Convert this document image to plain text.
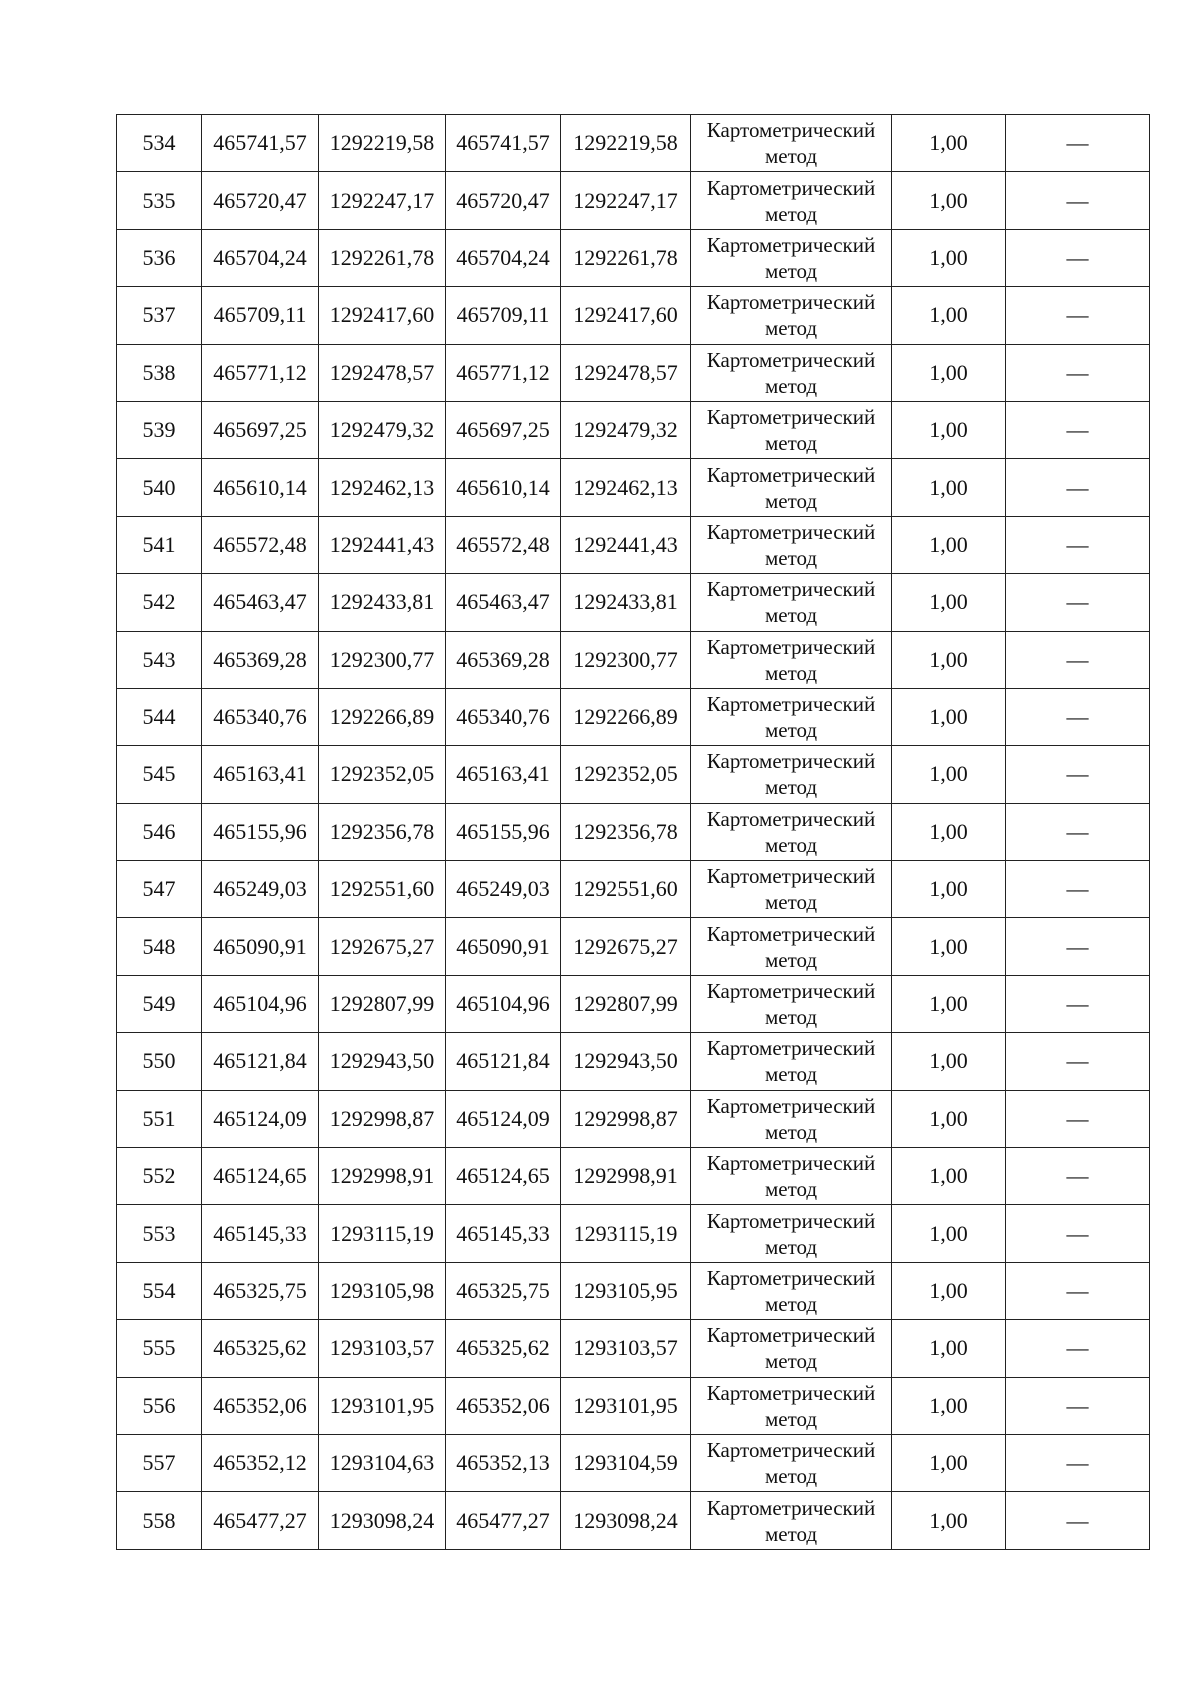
534	465741,57	1292219,58	465741,57	1292219,58	Картометрический
метод	1,00	—
535	465720,47	1292247,17	465720,47	1292247,17	Картометрический
метод	1,00	—
536	465704,24	1292261,78	465704,24	1292261,78	Картометрический
метод	1,00	—
537	465709,11	1292417,60	465709,11	1292417,60	Картометрический
метод	1,00	—
538	465771,12	1292478,57	465771,12	1292478,57	Картометрический
метод	1,00	—
539	465697,25	1292479,32	465697,25	1292479,32	Картометрический
метод	1,00	—
540	465610,14	1292462,13	465610,14	1292462,13	Картометрический
метод	1,00	—
541	465572,48	1292441,43	465572,48	1292441,43	Картометрический
метод	1,00	—
542	465463,47	1292433,81	465463,47	1292433,81	Картометрический
метод	1,00	—
543	465369,28	1292300,77	465369,28	1292300,77	Картометрический
метод	1,00	—
544	465340,76	1292266,89	465340,76	1292266,89	Картометрический
метод	1,00	—
545	465163,41	1292352,05	465163,41	1292352,05	Картометрический
метод	1,00	—
546	465155,96	1292356,78	465155,96	1292356,78	Картометрический
метод	1,00	—
547	465249,03	1292551,60	465249,03	1292551,60	Картометрический
метод	1,00	—
548	465090,91	1292675,27	465090,91	1292675,27	Картометрический
метод	1,00	—
549	465104,96	1292807,99	465104,96	1292807,99	Картометрический
метод	1,00	—
550	465121,84	1292943,50	465121,84	1292943,50	Картометрический
метод	1,00	—
551	465124,09	1292998,87	465124,09	1292998,87	Картометрический
метод	1,00	—
552	465124,65	1292998,91	465124,65	1292998,91	Картометрический
метод	1,00	—
553	465145,33	1293115,19	465145,33	1293115,19	Картометрический
метод	1,00	—
554	465325,75	1293105,98	465325,75	1293105,95	Картометрический
метод	1,00	—
555	465325,62	1293103,57	465325,62	1293103,57	Картометрический
метод	1,00	—
556	465352,06	1293101,95	465352,06	1293101,95	Картометрический
метод	1,00	—
557	465352,12	1293104,63	465352,13	1293104,59	Картометрический
метод	1,00	—
558	465477,27	1293098,24	465477,27	1293098,24	Картометрический
метод	1,00	—
